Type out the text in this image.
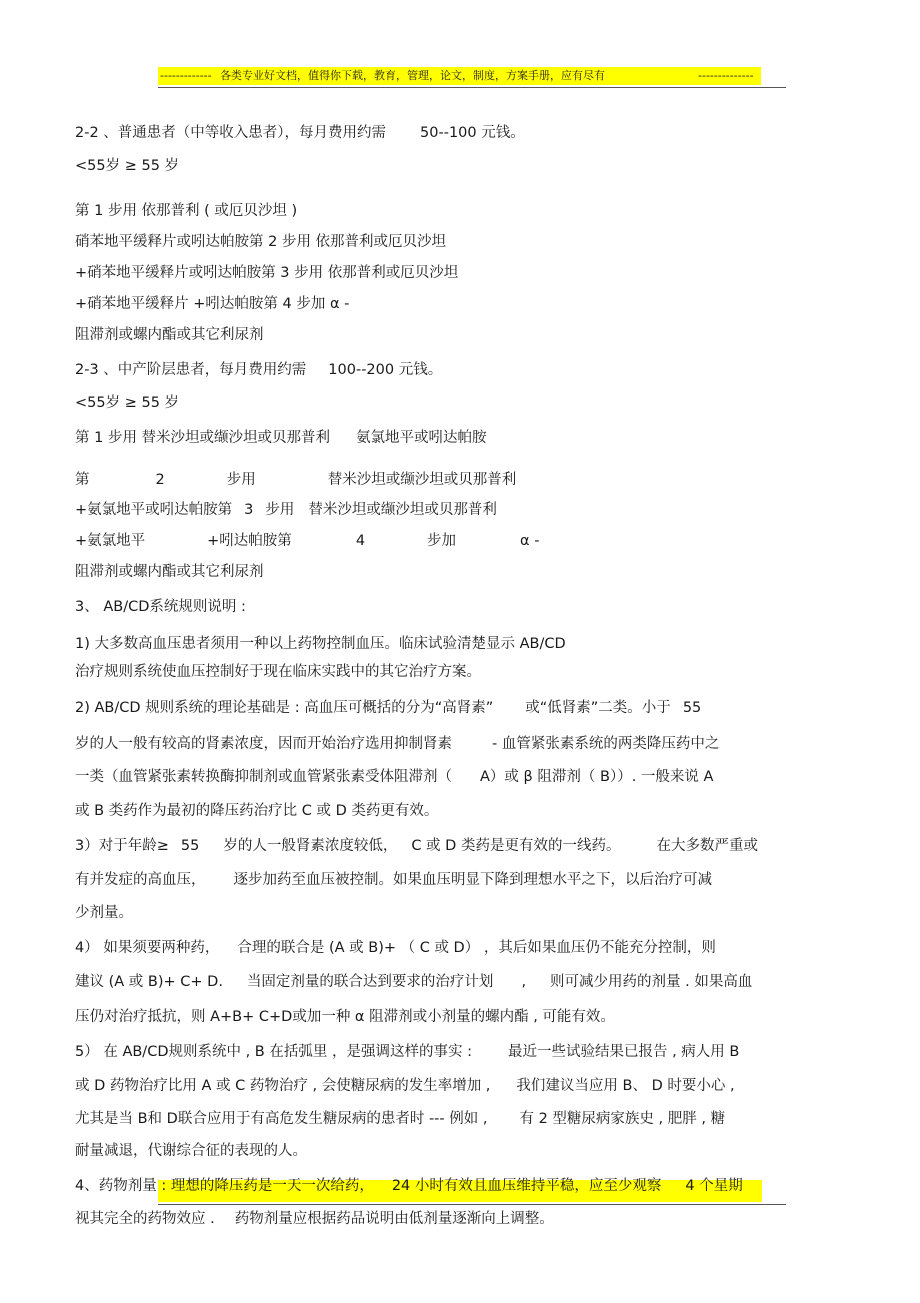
------------- 各类专业好文档，值得你下载，教育，管理，论文，制度，方案手册，应有尽有	--------------
2-2 、普通患者（中等收入患者），每月费用约需 50--100 元钱。
<55岁 ≥ 55 岁
第 1 步用 依那普利 ( 或厄贝沙坦 )
硝苯地平缓释片或吲达帕胺第 2 步用 依那普利或厄贝沙坦
+硝苯地平缓释片或吲达帕胺第 3 步用 依那普利或厄贝沙坦
+硝苯地平缓释片 +吲达帕胺第 4 步加 α -
阻滞剂或螺内酯或其它利尿剂
2-3 、中产阶层患者，每月费用约需 100--200 元钱。
<55岁 ≥ 55 岁
第 1 步用 替米沙坦或缬沙坦或贝那普利 氨氯地平或吲达帕胺
第	2	步用	替米沙坦或缬沙坦或贝那普利
+氨氯地平或吲达帕胺第 3 步用 替米沙坦或缬沙坦或贝那普利
+氨氯地平	+吲达帕胺第	4	步加	α -
阻滞剂或螺内酯或其它利尿剂
3、 AB/CD系统规则说明 :
1) 大多数高血压患者须用一种以上药物控制血压。临床试验清楚显示 AB/CD
治疗规则系统使血压控制好于现在临床实践中的其它治疗方案。
2) AB/CD 规则系统的理论基础是 : 高血压可概括的分为“高肾素” 或“低肾素”二类。小于 55
岁的人一般有较高的肾素浓度，因而开始治疗选用抑制肾素	- 血管紧张素系统的两类降压药中之
一类（血管紧张素转换酶抑制剂或血管紧张素受体阻滞剂（ A）或 β 阻滞剂（ B））. 一般来说 A
或 B 类药作为最初的降压药治疗比 C 或 D 类药更有效。
3）对于年龄≥ 55 岁的人一般肾素浓度较低， C 或 D 类药是更有效的一线药。 在大多数严重或
有并发症的高血压， 逐步加药至血压被控制。如果血压明显下降到理想水平之下，以后治疗可减
少剂量。
4） 如果须要两种药， 合理的联合是 (A 或 B)+ （ C 或 D） ，其后如果血压仍不能充分控制，则
建议 (A 或 B)+ C+ D. 当固定剂量的联合达到要求的治疗计划 , 则可减少用药的剂量 . 如果高血
压仍对治疗抵抗，则 A+B+ C+D或加一种 α 阻滞剂或小剂量的螺内酯 , 可能有效。
5） 在 AB/CD规则系统中 , B 在括弧里 ，是强调这样的事实 : 最近一些试验结果已报告 , 病人用 B
或 D 药物治疗比用 A 或 C 药物治疗 , 会使糖尿病的发生率增加 , 我们建议当应用 B、 D 时要小心 ,
尤其是当 B和 D联合应用于有高危发生糖尿病的患者时 --- 例如 , 有 2 型糖尿病家族史 , 肥胖 , 糖
耐量减退，代谢综合征的表现的人。
4、药物剂量 : 理想的降压药是一天一次给药， 24 小时有效且血压维持平稳，应至少观察 4 个星期
视其完全的药物效应 . 药物剂量应根据药品说明由低剂量逐渐向上调整。
